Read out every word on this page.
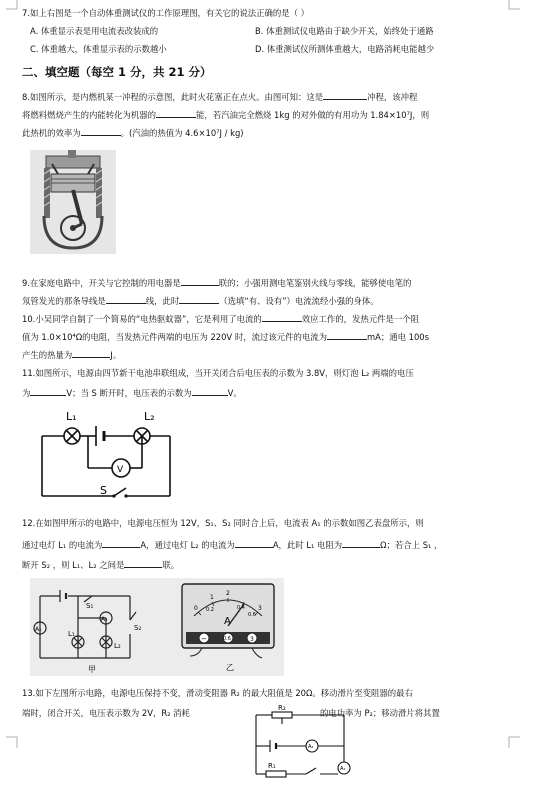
7.如上右图是一个自动体重测试仪的工作原理图，有关它的说法正确的是（ ）
A. 体重显示表是用电流表改装成的	B. 体重测试仪电路由于缺少开关，始终处于通路
C. 体重越大，体重显示表的示数越小	D. 体重测试仪所测体重越大，电路消耗电能越少
二、填空题（每空 1 分，共 21 分）
8.如图所示，是内燃机某一冲程的示意图，此时火花塞正在点火。由图可知：这是	冲程，该冲程
将燃料燃烧产生的内能转化为机器的	能，若汽油完全燃烧 1kg 的对外做的有用功为 1.84×10⁷J，则
此热机的效率为	。(汽油的热值为 4.6×10⁷J / kg)
9.在家庭电路中，开关与它控制的用电器是	联的；小强用测电笔鉴别火线与零线，能够使电笔的
氖管发光的那条导线是	线，此时	（选填“有、设有”）电流流经小强的身体。
10.小吴同学自制了一个简易的“电热驱蚊器”，它是利用了电流的	效应工作的，发热元件是一个阻
值为 1.0×10⁴Ω的电阻，当发热元件两端的电压为 220V 时，流过该元件的电流为	mA；通电 100s
产生的热量为	J。
11.如图所示，电源由四节新干电池串联组成，当开关闭合后电压表的示数为 3.8V，则灯泡 L₂ 两端的电压
为	V；当 S 断开时，电压表的示数为	V。
L₁	L₂
V
S
12.在如图甲所示的电路中，电源电压恒为 12V，S₁、S₂ 同时合上后，电流表 A₁ 的示数如图乙表盘所示，则
通过电灯 L₁ 的电流为	A，通过电灯 L₂ 的电流为	A，此时 L₁ 电阻为	Ω；若合上 S₁ ，
断开 S₂ ，则 L₁、L₂ 之间是	联。
S₁
S₂
A₁
A₂
L₁
L₂
甲
0
1
2
3
0.2	0.4
0.6
A
−	0.6	3
乙
13.如下左图所示电路，电源电压保持不变，滑动变阻器 R₂ 的最大阻值是 20Ω。移动滑片至变阻器的最右
端时，闭合开关，电压表示数为 2V，R₂ 消耗	的电功率为 P₂；移动滑片将其置
R₂
R₁
A₂
A₁
